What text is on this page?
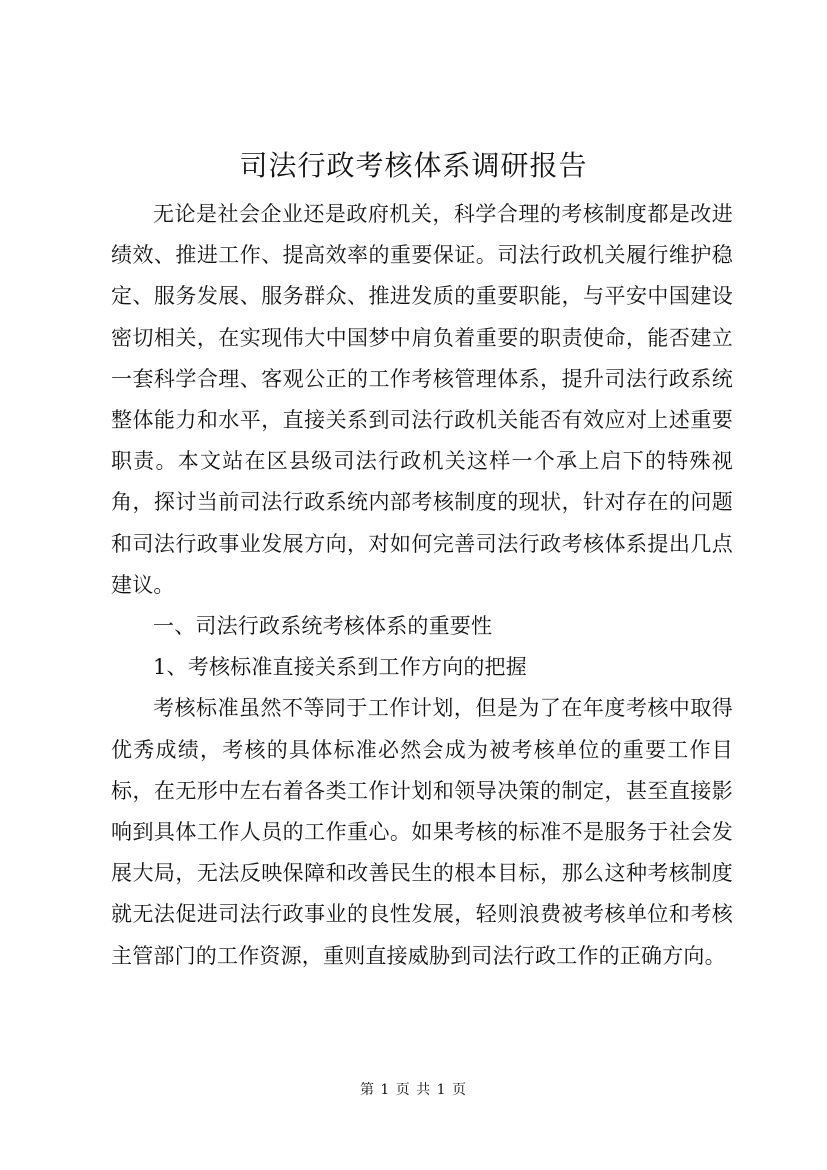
司法行政考核体系调研报告

无论是社会企业还是政府机关，科学合理的考核制度都是改进绩效、推进工作、提高效率的重要保证。司法行政机关履行维护稳定、服务发展、服务群众、推进发质的重要职能，与平安中国建设密切相关，在实现伟大中国梦中肩负着重要的职责使命，能否建立一套科学合理、客观公正的工作考核管理体系，提升司法行政系统整体能力和水平，直接关系到司法行政机关能否有效应对上述重要职责。本文站在区县级司法行政机关这样一个承上启下的特殊视角，探讨当前司法行政系统内部考核制度的现状，针对存在的问题和司法行政事业发展方向，对如何完善司法行政考核体系提出几点建议。

一、司法行政系统考核体系的重要性

1、考核标准直接关系到工作方向的把握

考核标准虽然不等同于工作计划，但是为了在年度考核中取得优秀成绩，考核的具体标准必然会成为被考核单位的重要工作目标，在无形中左右着各类工作计划和领导决策的制定，甚至直接影响到具体工作人员的工作重心。如果考核的标准不是服务于社会发展大局，无法反映保障和改善民生的根本目标，那么这种考核制度就无法促进司法行政事业的良性发展，轻则浪费被考核单位和考核主管部门的工作资源，重则直接威胁到司法行政工作的正确方向。

第 1 页 共 1 页
